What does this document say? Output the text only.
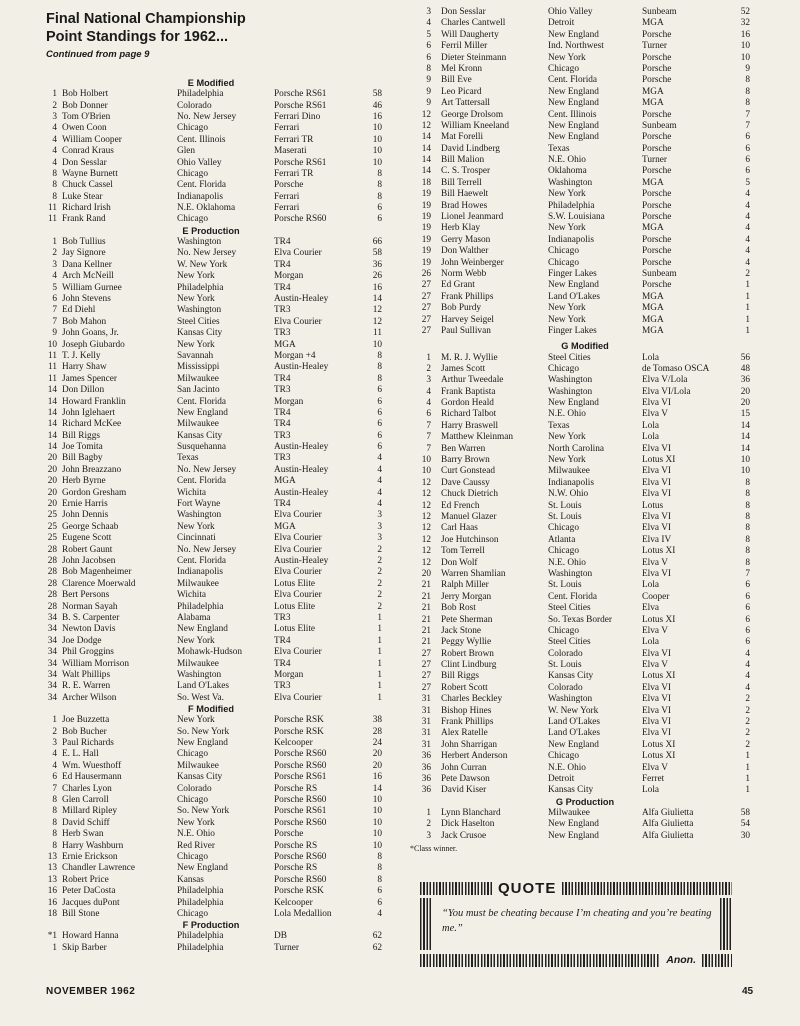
Final National Championship
Point Standings for 1962...
Continued from page 9
E Modified
1 Bob Holbert	Philadelphia	Porsche RS61	58
2 Bob Donner	Colorado	Porsche RS61	46
3 Tom O'Brien	No. New Jersey	Ferrari Dino	16
4 Owen Coon	Chicago	Ferrari	10
4 William Cooper	Cent. Illinois	Ferrari TR	10
4 Conrad Kraus	Glen	Maserati	10
4 Don Sesslar	Ohio Valley	Porsche RS61	10
8 Wayne Burnett	Chicago	Ferrari TR	8
8 Chuck Cassel	Cent. Florida	Porsche	8
8 Luke Stear	Indianapolis	Ferrari	8
11 Richard Irish	N.E. Oklahoma	Ferrari	6
11 Frank Rand	Chicago	Porsche RS60	6
E Production
1 Bob Tullius	Washington	TR4	66
2 Jay Signore	No. New Jersey	Elva Courier	58
3 Dana Kellner	W. New York	TR4	36
4 Arch McNeill	New York	Morgan	26
5 William Gurnee	Philadelphia	TR4	16
6 John Stevens	New York	Austin-Healey	14
7 Ed Diehl	Washington	TR3	12
7 Bob Mahon	Steel Cities	Elva Courier	12
9 John Goans, Jr.	Kansas City	TR3	11
10 Joseph Giubardo	New York	MGA	10
11 T. J. Kelly	Savannah	Morgan +4	8
11 Harry Shaw	Mississippi	Austin-Healey	8
11 James Spencer	Milwaukee	TR4	8
14 Don Dillon	San Jacinto	TR3	6
14 Howard Franklin	Cent. Florida	Morgan	6
14 John Iglehaert	New England	TR4	6
14 Richard McKee	Milwaukee	TR4	6
14 Bill Riggs	Kansas City	TR3	6
14 Joe Tomita	Susquehanna	Austin-Healey	6
20 Bill Bagby	Texas	TR3	4
20 John Breazzano	No. New Jersey	Austin-Healey	4
20 Herb Byrne	Cent. Florida	MGA	4
20 Gordon Gresham	Wichita	Austin-Healey	4
20 Ernie Harris	Fort Wayne	TR4	4
25 John Dennis	Washington	Elva Courier	3
25 George Schaab	New York	MGA	3
25 Eugene Scott	Cincinnati	Elva Courier	3
28 Robert Gaunt	No. New Jersey	Elva Courier	2
28 John Jacobsen	Cent. Florida	Austin-Healey	2
28 Bob Magenheimer	Indianapolis	Elva Courier	2
28 Clarence Moerwald	Milwaukee	Lotus Elite	2
28 Bert Persons	Wichita	Elva Courier	2
28 Norman Sayah	Philadelphia	Lotus Elite	2
34 B. S. Carpenter	Alabama	TR3	1
34 Newton Davis	New England	Lotus Elite	1
34 Joe Dodge	New York	TR4	1
34 Phil Groggins	Mohawk-Hudson	Elva Courier	1
34 William Morrison	Milwaukee	TR4	1
34 Walt Phillips	Washington	Morgan	1
34 R. E. Warren	Land O'Lakes	TR3	1
34 Archer Wilson	So. West Va.	Elva Courier	1
F Modified
1 Joe Buzzetta	New York	Porsche RSK	38
2 Bob Bucher	So. New York	Porsche RSK	28
3 Paul Richards	New England	Kelcooper	24
4 E. L. Hall	Chicago	Porsche RS60	20
4 Wm. Wuesthoff	Milwaukee	Porsche RS60	20
6 Ed Hausermann	Kansas City	Porsche RS61	16
7 Charles Lyon	Colorado	Porsche RS	14
8 Glen Carroll	Chicago	Porsche RS60	10
8 Millard Ripley	So. New York	Porsche RS61	10
8 David Schiff	New York	Porsche RS60	10
8 Herb Swan	N.E. Ohio	Porsche	10
8 Harry Washburn	Red River	Porsche RS	10
13 Ernie Erickson	Chicago	Porsche RS60	8
13 Chandler Lawrence	New England	Porsche RS	8
13 Robert Price	Kansas	Porsche RS60	8
16 Peter DaCosta	Philadelphia	Porsche RSK	6
16 Jacques duPont	Philadelphia	Kelcooper	6
18 Bill Stone	Chicago	Lola Medallion	4
F Production
*1 Howard Hanna	Philadelphia	DB	62
1 Skip Barber	Philadelphia	Turner	62
3 Don Sesslar	Ohio Valley	Sunbeam	52
4 Charles Cantwell	Detroit	MGA	32
5 Will Daugherty	New England	Porsche	16
6 Ferril Miller	Ind. Northwest	Turner	10
6 Dieter Steinmann	New York	Porsche	10
8 Mel Kronn	Chicago	Porsche	9
9 Bill Eve	Cent. Florida	Porsche	8
9 Leo Picard	New England	MGA	8
9 Art Tattersall	New England	MGA	8
12 George Drolsom	Cent. Illinois	Porsche	7
12 William Kneeland	New England	Sunbeam	7
14 Mat Forelli	New England	Porsche	6
14 David Lindberg	Texas	Porsche	6
14 Bill Malion	N.E. Ohio	Turner	6
14 C. S. Trosper	Oklahoma	Porsche	6
18 Bill Terrell	Washington	MGA	5
19 Bill Haewelt	New York	Porsche	4
19 Brad Howes	Philadelphia	Porsche	4
19 Lionel Jeanmard	S.W. Louisiana	Porsche	4
19 Herb Klay	New York	MGA	4
19 Gerry Mason	Indianapolis	Porsche	4
19 Don Walther	Chicago	Porsche	4
19 John Weinberger	Chicago	Porsche	4
26 Norm Webb	Finger Lakes	Sunbeam	2
27 Ed Grant	New England	Porsche	1
27 Frank Phillips	Land O'Lakes	MGA	1
27 Bob Purdy	New York	MGA	1
27 Harvey Seigel	New York	MGA	1
27 Paul Sullivan	Finger Lakes	MGA	1
G Modified
1 M. R. J. Wyllie	Steel Cities	Lola	56
2 James Scott	Chicago	de Tomaso OSCA	48
3 Arthur Tweedale	Washington	Elva V/Lola	36
4 Frank Baptista	Washington	Elva VI/Lola	20
4 Gordon Heald	New England	Elva VI	20
6 Richard Talbot	N.E. Ohio	Elva V	15
7 Harry Braswell	Texas	Lola	14
7 Matthew Kleinman	New York	Lola	14
7 Ben Warren	North Carolina	Elva VI	14
10 Barry Brown	New York	Lotus XI	10
10 Curt Gonstead	Milwaukee	Elva VI	10
12 Dave Caussy	Indianapolis	Elva VI	8
12 Chuck Dietrich	N.W. Ohio	Elva VI	8
12 Ed French	St. Louis	Lotus	8
12 Manuel Glazer	St. Louis	Elva VI	8
12 Carl Haas	Chicago	Elva VI	8
12 Joe Hutchinson	Atlanta	Elva IV	8
12 Tom Terrell	Chicago	Lotus XI	8
12 Don Wolf	N.E. Ohio	Elva V	8
20 Warren Shamlian	Washington	Elva VI	7
21 Ralph Miller	St. Louis	Lola	6
21 Jerry Morgan	Cent. Florida	Cooper	6
21 Bob Rost	Steel Cities	Elva	6
21 Pete Sherman	So. Texas Border	Lotus XI	6
21 Jack Stone	Chicago	Elva V	6
21 Peggy Wyllie	Steel Cities	Lola	6
27 Robert Brown	Colorado	Elva VI	4
27 Clint Lindburg	St. Louis	Elva V	4
27 Bill Riggs	Kansas City	Lotus XI	4
27 Robert Scott	Colorado	Elva VI	4
31 Charles Beckley	Washington	Elva VI	2
31 Bishop Hines	W. New York	Elva VI	2
31 Frank Phillips	Land O'Lakes	Elva VI	2
31 Alex Ratelle	Land O'Lakes	Elva VI	2
31 John Sharrigan	New England	Lotus XI	2
36 Herbert Anderson	Chicago	Lotus XI	1
36 John Curran	N.E. Ohio	Elva V	1
36 Pete Dawson	Detroit	Ferret	1
36 David Kiser	Kansas City	Lola	1
G Production
1 Lynn Blanchard	Milwaukee	Alfa Giulietta	58
2 Dick Haselton	New England	Alfa Giulietta	54
3 Jack Crusoe	New England	Alfa Giulietta	30
*Class winner.
QUOTE
“You must be cheating because I’m cheating and you’re beating me.”
Anon.
NOVEMBER 1962	45
